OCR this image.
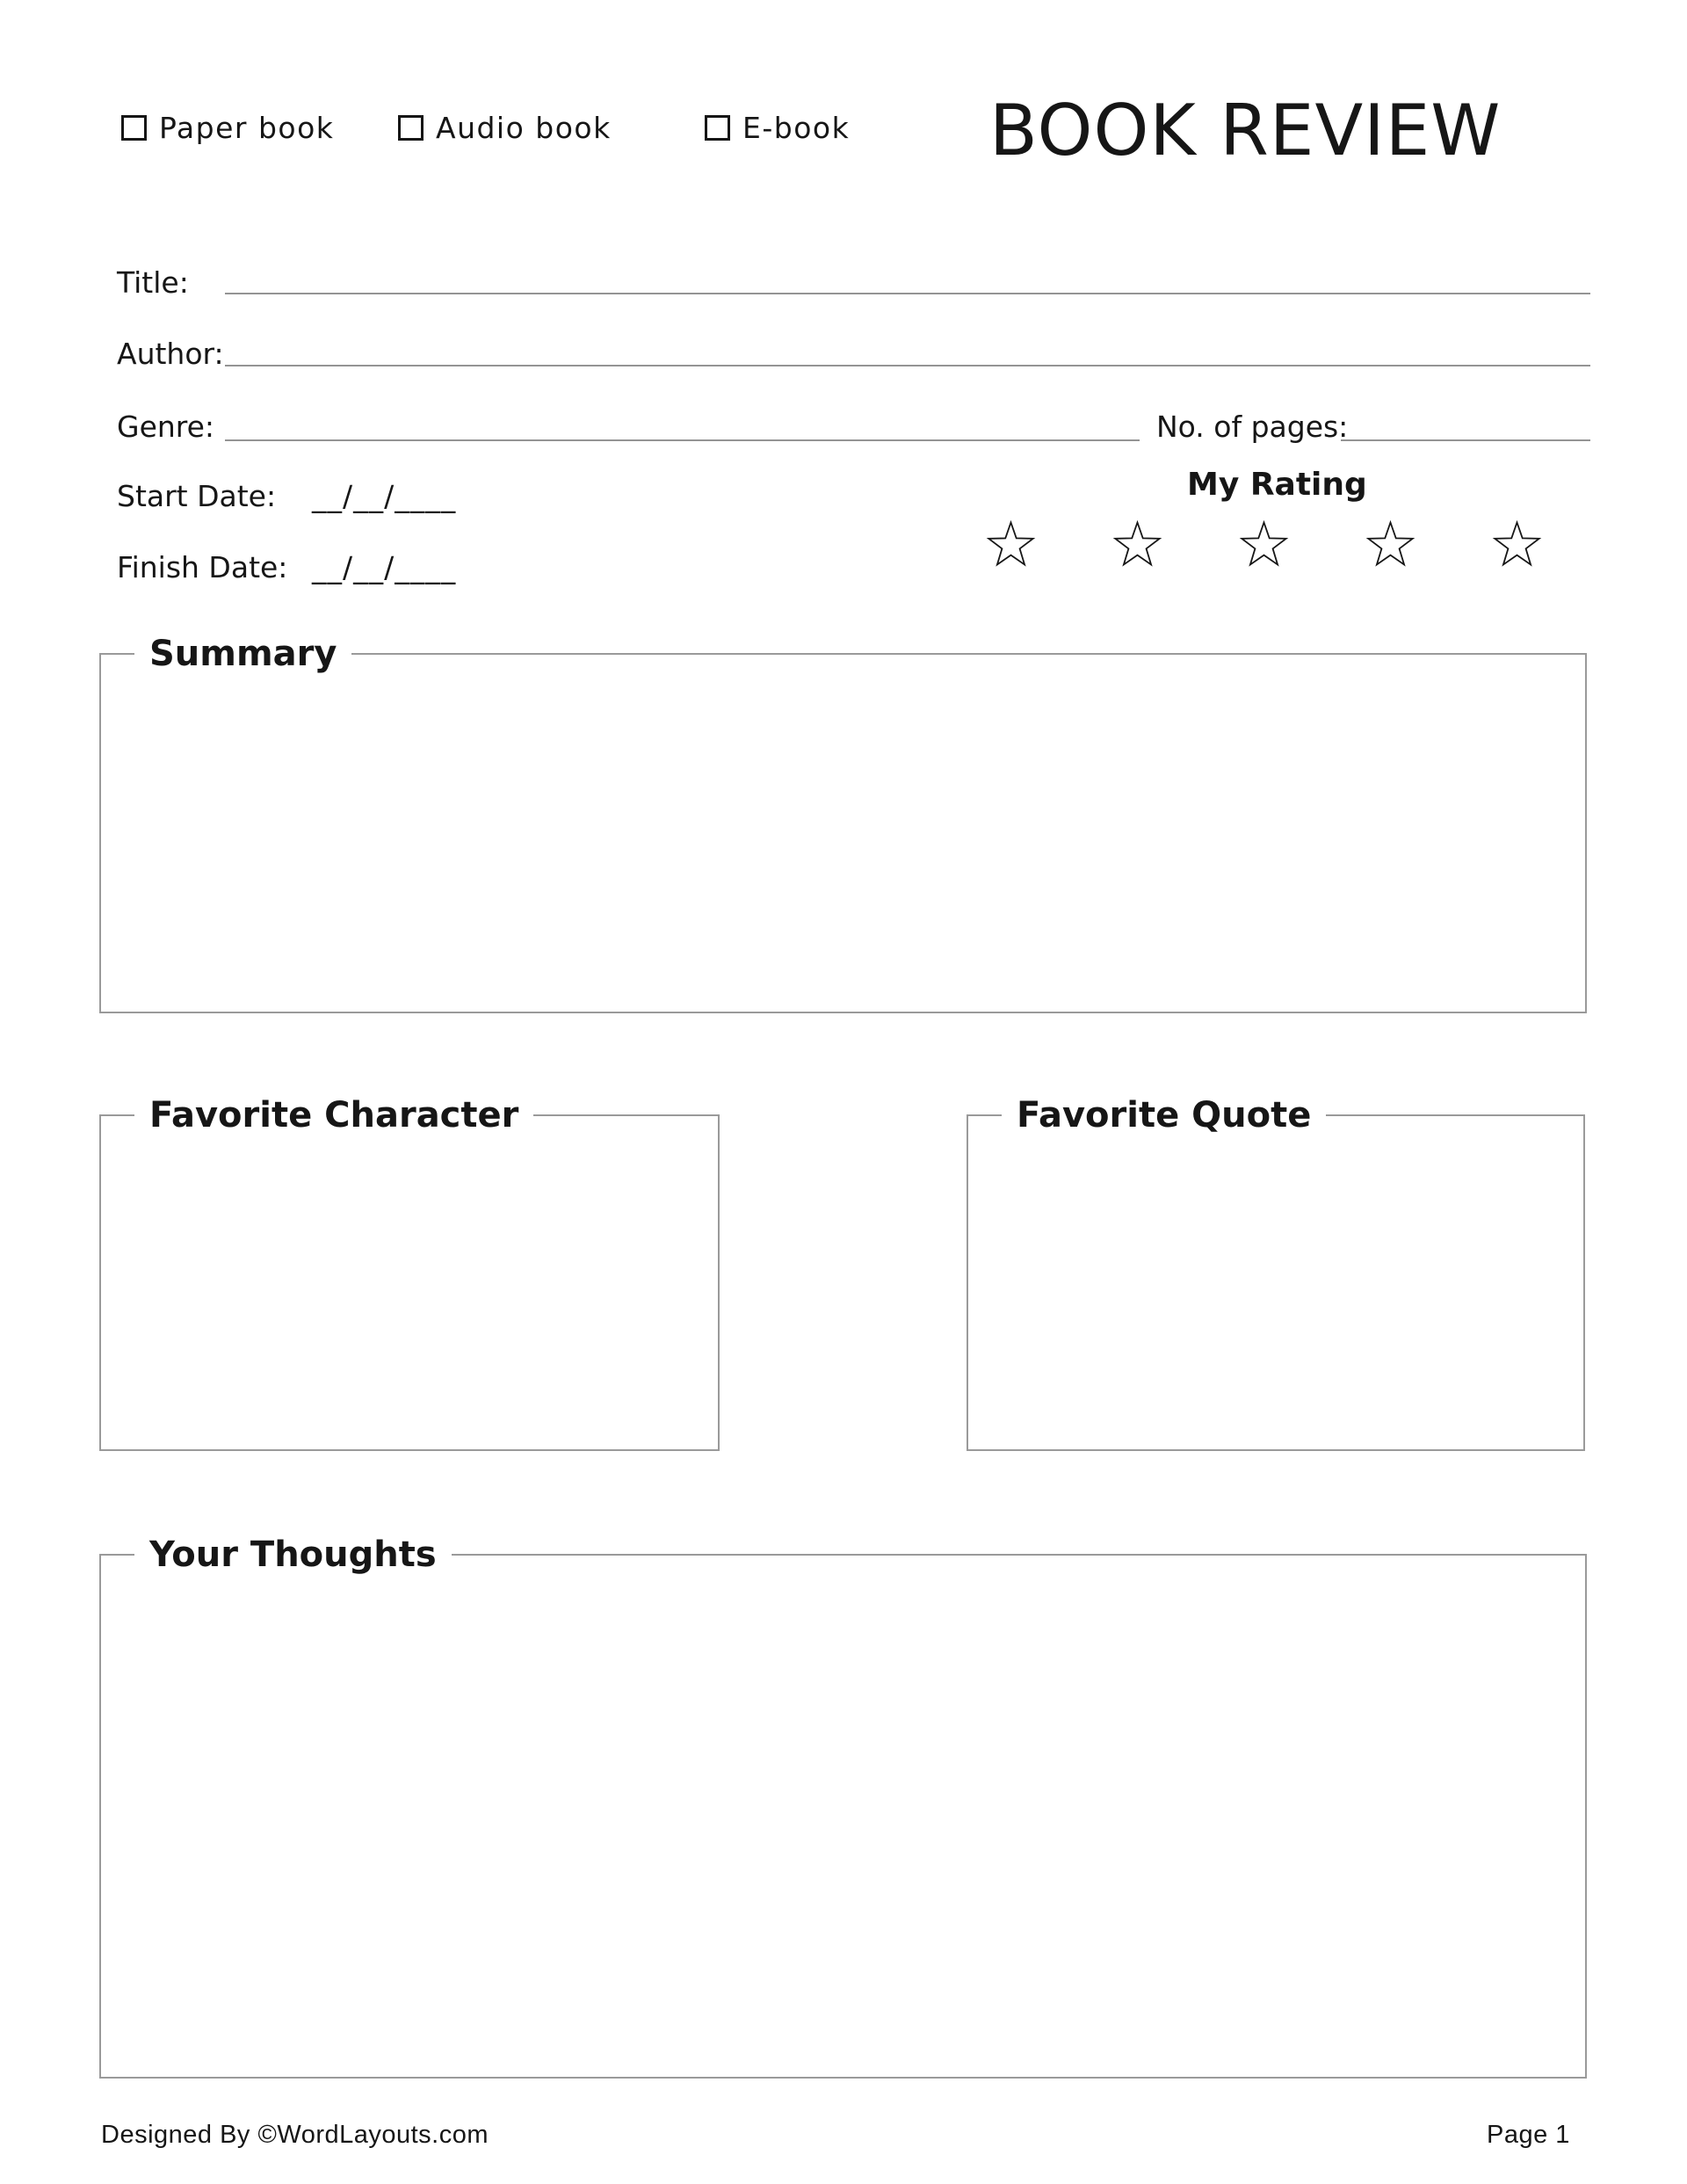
Paper book	Audio book	E-book BOOK REVIEW
Title:
Author:
Genre:	No. of pages:
Start Date: __/__/____	My Rating
Finish Date: __/__/____
Summary
Favorite Character	Favorite Quote
Your Thoughts
Designed By ©WordLayouts.com	Page 1
